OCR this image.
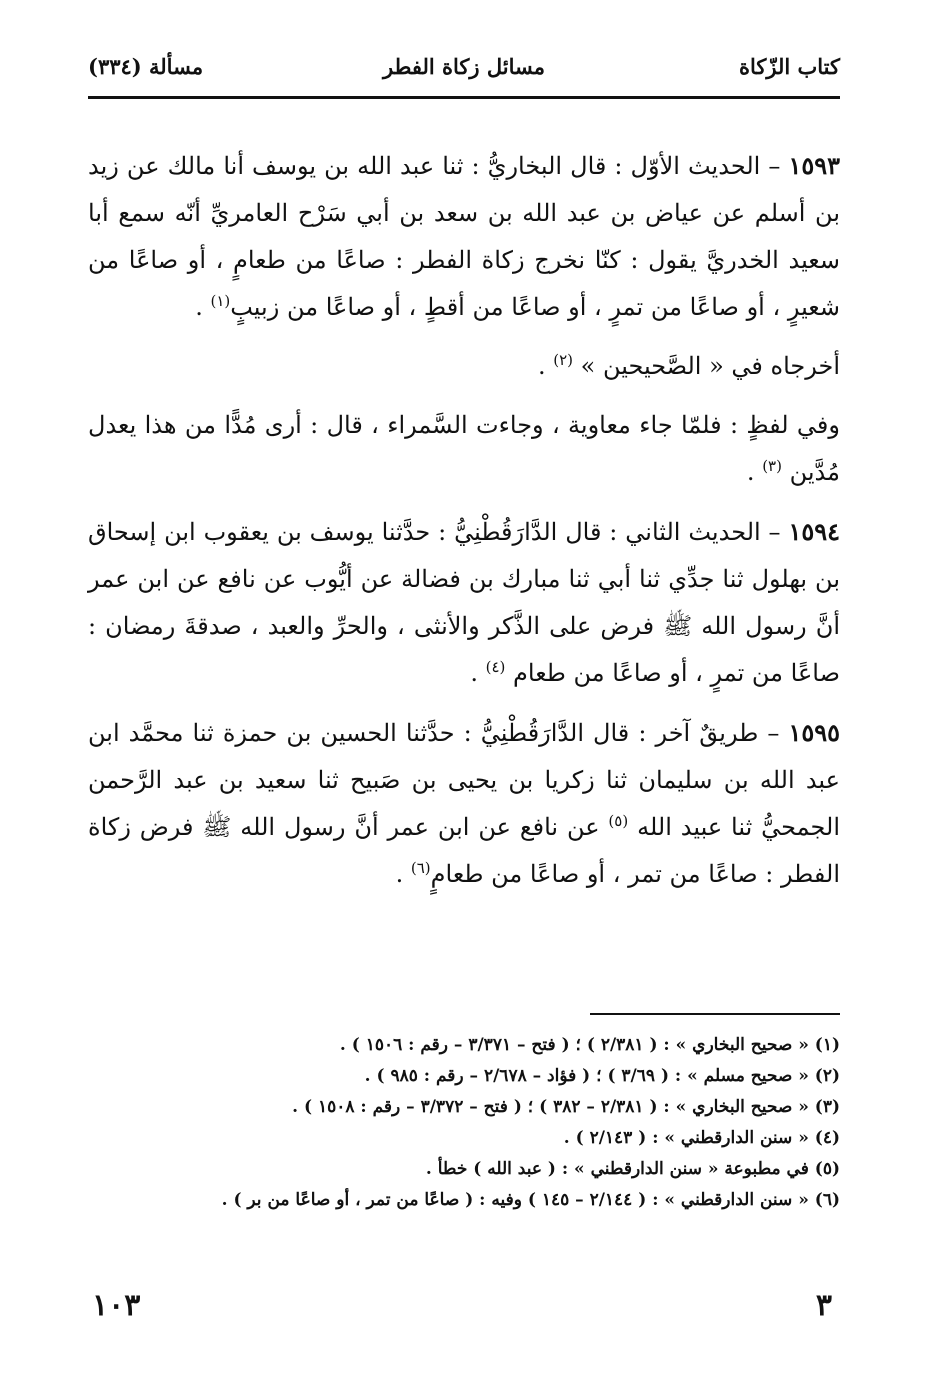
كتاب الزّكاة
مسائل زكاة الفطر
مسألة (٣٣٤)

١٥٩٣ – الحديث الأوّل : قال البخاريُّ : ثنا عبد الله بن يوسف أنا مالك عن زيد بن أسلم عن عياض بن عبد الله بن سعد بن أبي سَرْح العامريِّ أنّه سمع أبا سعيد الخدريَّ يقول : كنّا نخرج زكاة الفطر : صاعًا من طعامٍ ، أو صاعًا من شعيرٍ ، أو صاعًا من تمرٍ ، أو صاعًا من أقطٍ ، أو صاعًا من زبيبٍ$^{(١)}$ .

أخرجاه في « الصَّحيحين » $^{(٢)}$ .

وفي لفظٍ : فلمّا جاء معاوية ، وجاءت السَّمراء ، قال : أرى مُدًّا من هذا يعدل مُدَّين $^{(٣)}$ .

١٥٩٤ – الحديث الثاني : قال الدَّارَقُطْنِيُّ : حدَّثنا يوسف بن يعقوب ابن إسحاق بن بهلول ثنا جدِّي ثنا أبي ثنا مبارك بن فضالة عن أيُّوب عن نافع عن ابن عمر أنَّ رسول الله ﷺ فرض على الذَّكر والأنثى ، والحرِّ والعبد ، صدقةَ رمضان : صاعًا من تمرٍ ، أو صاعًا من طعام $^{(٤)}$ .

١٥٩٥ – طريقٌ آخر : قال الدَّارَقُطْنِيُّ : حدَّثنا الحسين بن حمزة ثنا محمَّد ابن عبد الله بن سليمان ثنا زكريا بن يحيى بن صَبيح ثنا سعيد بن عبد الرَّحمن الجمحيُّ ثنا عبيد الله $^{(٥)}$ عن نافع عن ابن عمر أنَّ رسول الله ﷺ فرض زكاة الفطر : صاعًا من تمر ، أو صاعًا من طعامٍ$^{(٦)}$ .

(١) « صحيح البخاري » : ( ٢/٣٨١ ) ؛ ( فتح – ٣/٣٧١ – رقم : ١٥٠٦ ) .
(٢) « صحيح مسلم » : ( ٣/٦٩ ) ؛ ( فؤاد – ٢/٦٧٨ – رقم : ٩٨٥ ) .
(٣) « صحيح البخاري » : ( ٢/٣٨١ – ٣٨٢ ) ؛ ( فتح – ٣/٣٧٢ – رقم : ١٥٠٨ ) .
(٤) « سنن الدارقطني » : ( ٢/١٤٣ ) .
(٥) في مطبوعة « سنن الدارقطني » : ( عبد الله ) خطأ .
(٦) « سنن الدارقطني » : ( ٢/١٤٤ – ١٤٥ ) وفيه : ( صاعًا من تمر ، أو صاعًا من بر ) .
٣
١٠٣
